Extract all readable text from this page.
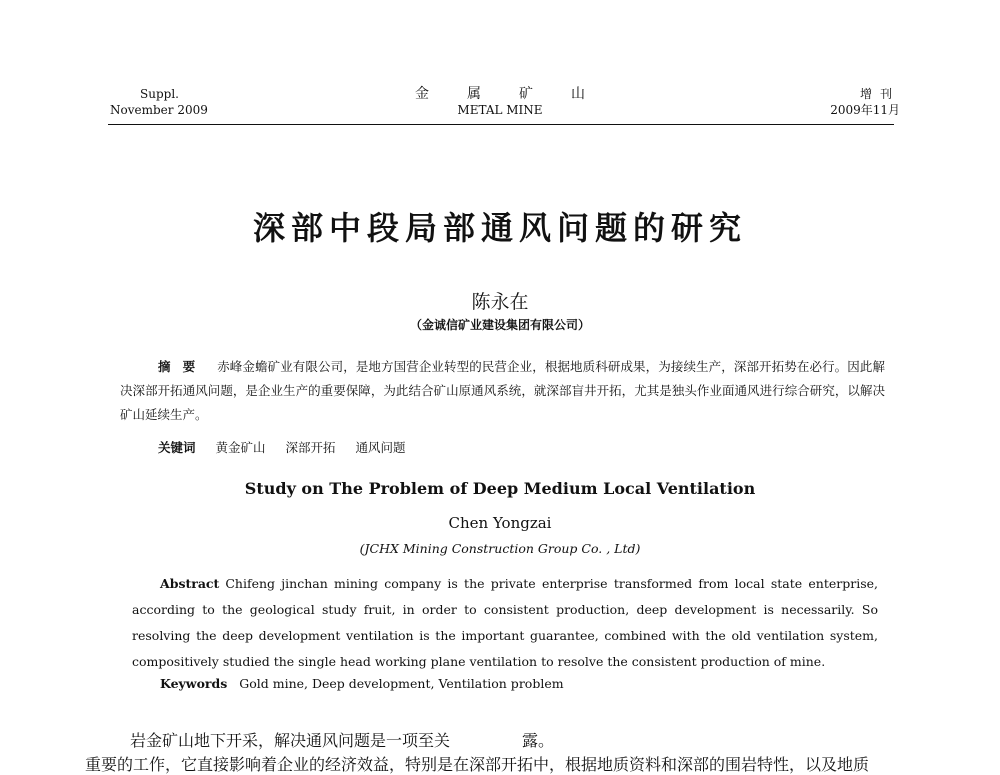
Suppl.
November 2009
金属矿山
METAL MINE
增刊
2009年11月
深部中段局部通风问题的研究
陈永在
（金诚信矿业建设集团有限公司）
摘要 赤峰金蟾矿业有限公司，是地方国营企业转型的民营企业，根据地质科研成果，为接续生产，深部开拓势在必行。因此解决深部开拓通风问题，是企业生产的重要保障，为此结合矿山原通风系统，就深部盲井开拓，尤其是独头作业面通风进行综合研究，以解决矿山延续生产。
关键词 黄金矿山 深部开拓 通风问题
Study on The Problem of Deep Medium Local Ventilation
Chen Yongzai
(JCHX Mining Construction Group Co. , Ltd)
Abstract Chifeng jinchan mining company is the private enterprise transformed from local state enterprise, according to the geological study fruit, in order to consistent production, deep development is necessarily. So resolving the deep development ventilation is the important guarantee, combined with the old ventilation system, compositively studied the single head working plane ventilation to resolve the consistent production of mine.
Keywords Gold mine, Deep development, Ventilation problem
岩金矿山地下开采，解决通风问题是一项至关	露。
重要的工作，它直接影响着企业的经济效益，特别是在深部开拓中，根据地质资料和深部的围岩特性，以及地质
